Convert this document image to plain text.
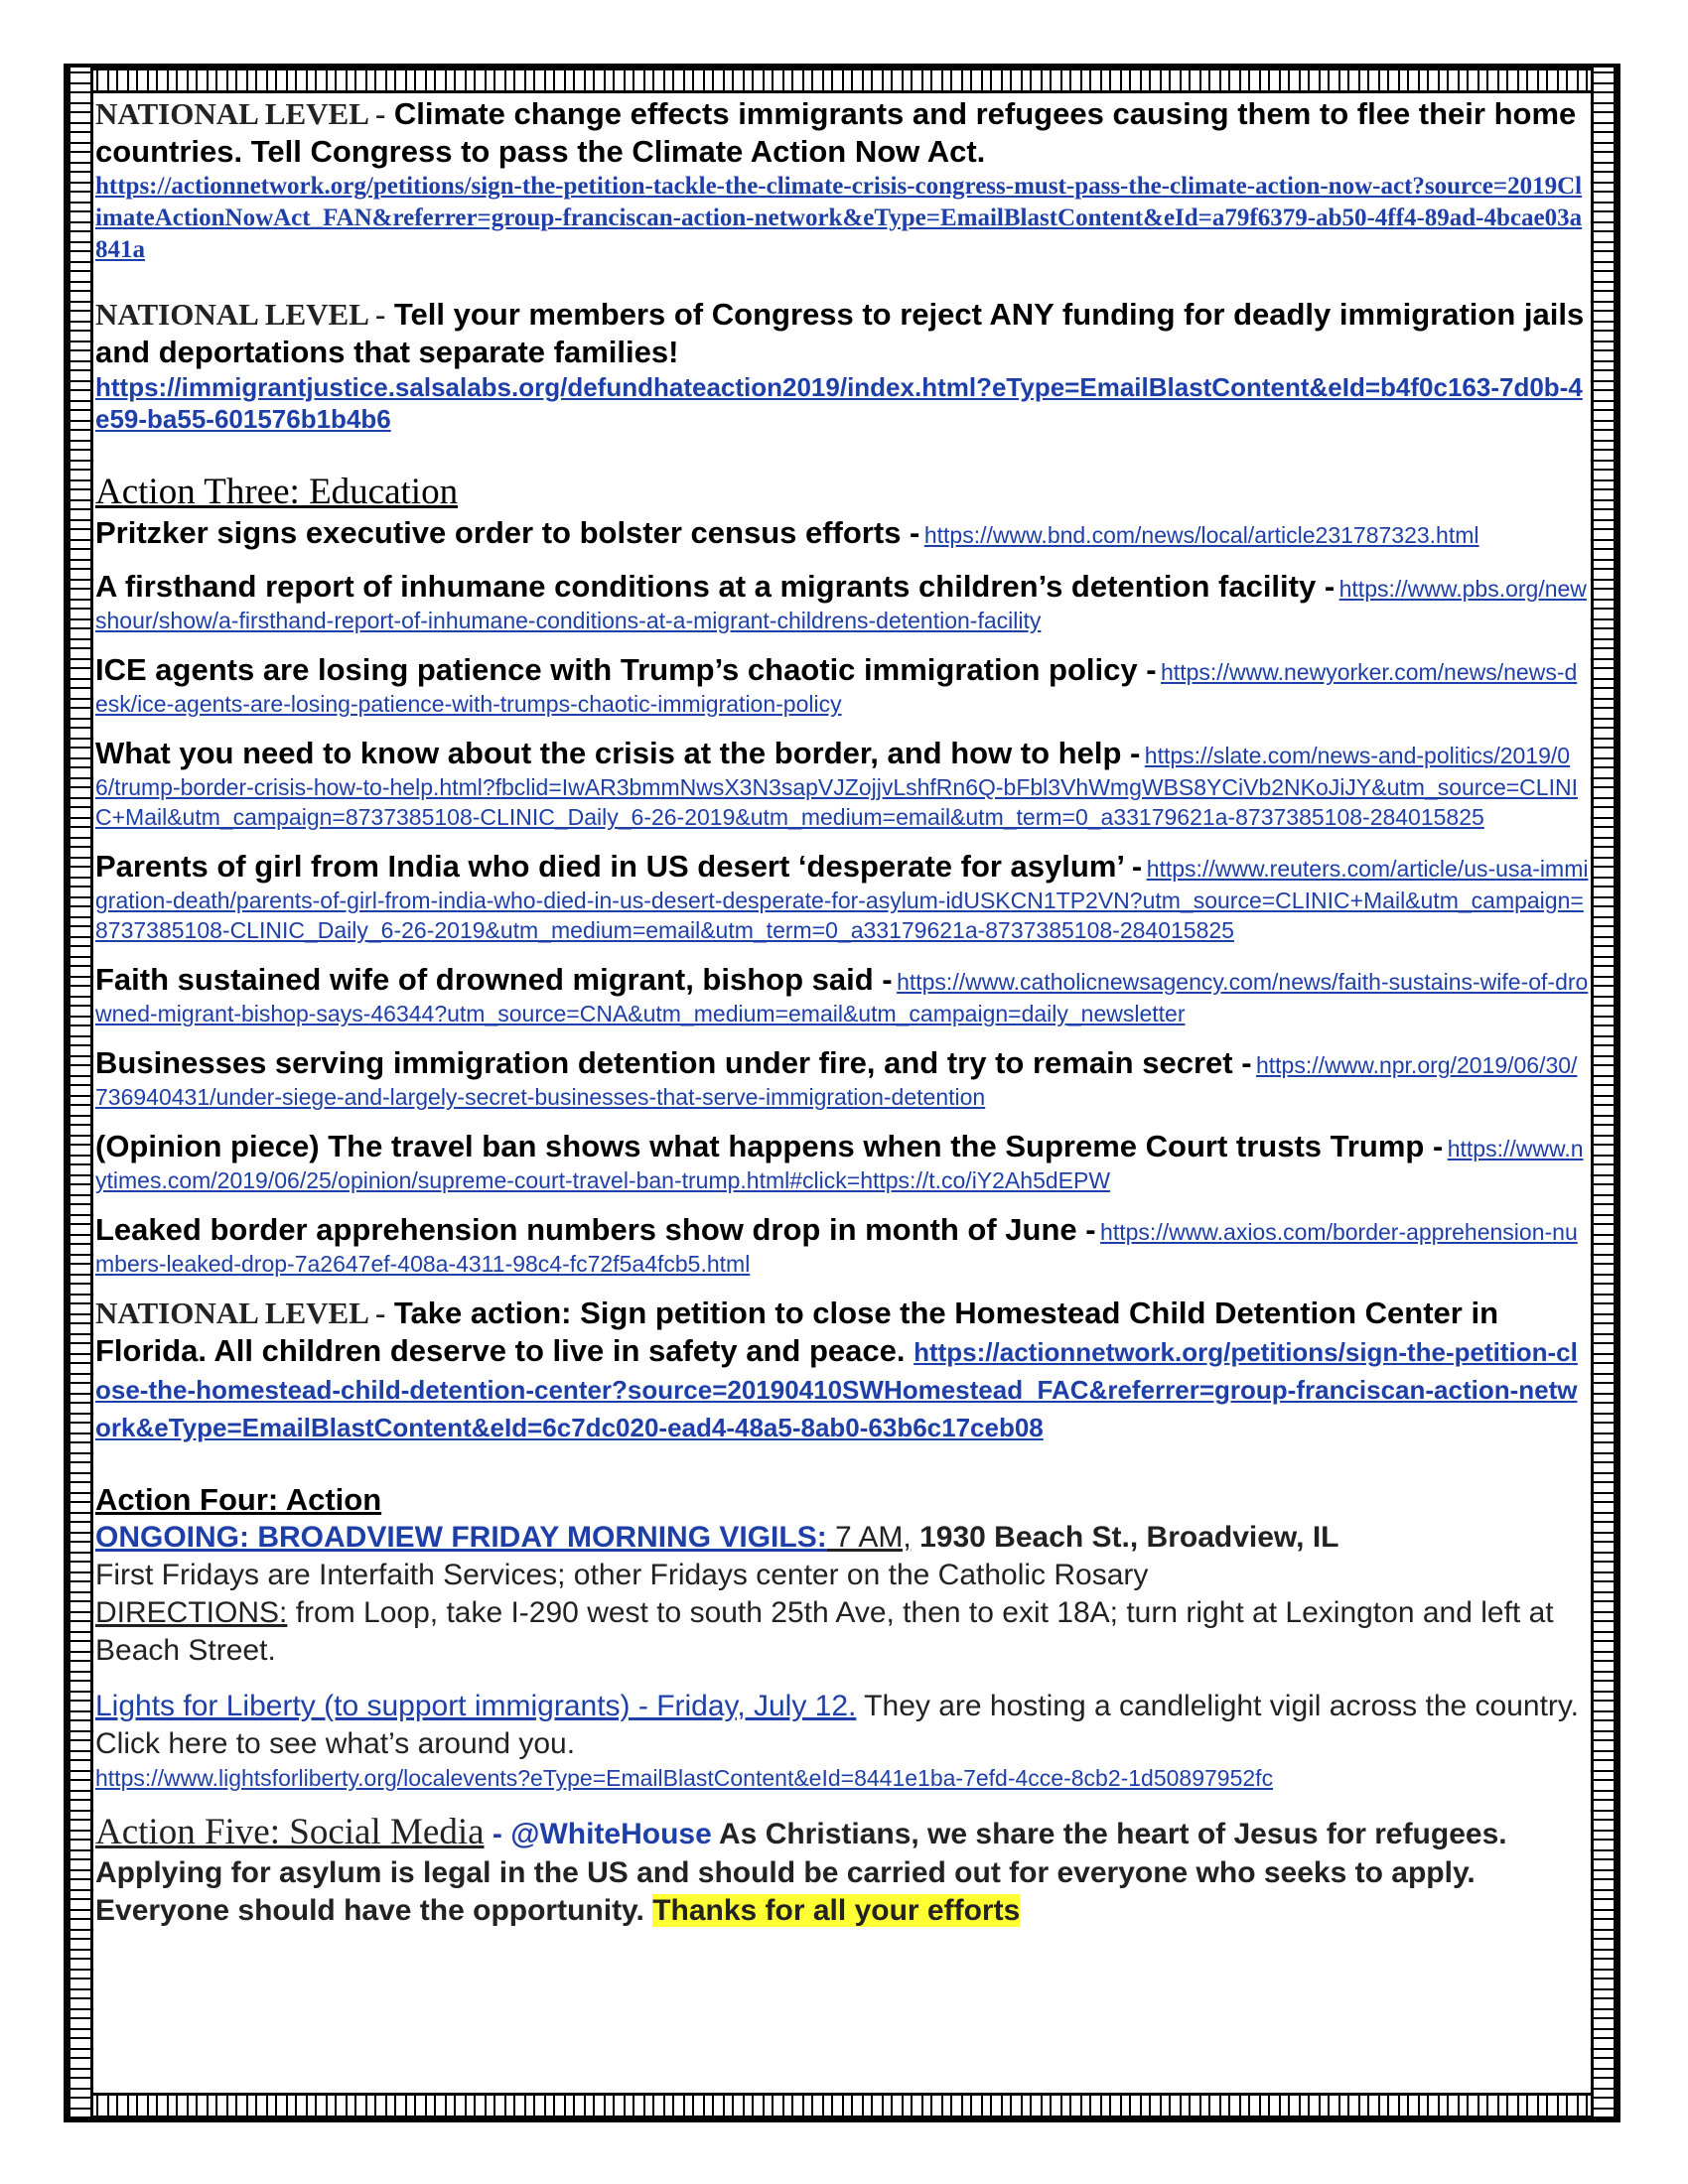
NATIONAL LEVEL - Climate change effects immigrants and refugees causing them to flee their home countries. Tell Congress to pass the Climate Action Now Act.
https://actionnetwork.org/petitions/sign-the-petition-tackle-the-climate-crisis-congress-must-pass-the-climate-action-now-act?source=2019ClimateActionNowAct_FAN&referrer=group-franciscan-action-network&eType=EmailBlastContent&eId=a79f6379-ab50-4ff4-89ad-4bcae03a841a
NATIONAL LEVEL - Tell your members of Congress to reject ANY funding for deadly immigration jails and deportations that separate families!
https://immigrantjustice.salsalabs.org/defundhateaction2019/index.html?eType=EmailBlastContent&eId=b4f0c163-7d0b-4e59-ba55-601576b1b4b6
Action Three: Education
Pritzker signs executive order to bolster census efforts - https://www.bnd.com/news/local/article231787323.html
A firsthand report of inhumane conditions at a migrants children’s detention facility - https://www.pbs.org/newshour/show/a-firsthand-report-of-inhumane-conditions-at-a-migrant-childrens-detention-facility
ICE agents are losing patience with Trump’s chaotic immigration policy - https://www.newyorker.com/news/news-desk/ice-agents-are-losing-patience-with-trumps-chaotic-immigration-policy
What you need to know about the crisis at the border, and how to help - https://slate.com/news-and-politics/2019/06/trump-border-crisis-how-to-help.html?fbclid=IwAR3bmmNwsX3N3sapVJZojjvLshfRn6Q-bFbl3VhWmgWBS8YCiVb2NKoJiJY&utm_source=CLINIC+Mail&utm_campaign=8737385108-CLINIC_Daily_6-26-2019&utm_medium=email&utm_term=0_a33179621a-8737385108-284015825
Parents of girl from India who died in US desert ‘desperate for asylum’ - https://www.reuters.com/article/us-usa-immigration-death/parents-of-girl-from-india-who-died-in-us-desert-desperate-for-asylum-idUSKCN1TP2VN?utm_source=CLINIC+Mail&utm_campaign=8737385108-CLINIC_Daily_6-26-2019&utm_medium=email&utm_term=0_a33179621a-8737385108-284015825
Faith sustained wife of drowned migrant, bishop said - https://www.catholicnewsagency.com/news/faith-sustains-wife-of-drowned-migrant-bishop-says-46344?utm_source=CNA&utm_medium=email&utm_campaign=daily_newsletter
Businesses serving immigration detention under fire, and try to remain secret - https://www.npr.org/2019/06/30/736940431/under-siege-and-largely-secret-businesses-that-serve-immigration-detention
(Opinion piece) The travel ban shows what happens when the Supreme Court trusts Trump - https://www.nytimes.com/2019/06/25/opinion/supreme-court-travel-ban-trump.html#click=https://t.co/iY2Ah5dEPW
Leaked border apprehension numbers show drop in month of June - https://www.axios.com/border-apprehension-numbers-leaked-drop-7a2647ef-408a-4311-98c4-fc72f5a4fcb5.html
NATIONAL LEVEL - Take action: Sign petition to close the Homestead Child Detention Center in Florida. All children deserve to live in safety and peace. https://actionnetwork.org/petitions/sign-the-petition-close-the-homestead-child-detention-center?source=20190410SWHomestead_FAC&referrer=group-franciscan-action-network&eType=EmailBlastContent&eId=6c7dc020-ead4-48a5-8ab0-63b6c17ceb08
Action Four: Action
ONGOING: BROADVIEW FRIDAY MORNING VIGILS: 7 AM, 1930 Beach St., Broadview, IL
First Fridays are Interfaith Services; other Fridays center on the Catholic Rosary
DIRECTIONS: from Loop, take I-290 west to south 25th Ave, then to exit 18A; turn right at Lexington and left at Beach Street.
Lights for Liberty (to support immigrants) - Friday, July 12. They are hosting a candlelight vigil across the country. Click here to see what’s around you.
https://www.lightsforliberty.org/localevents?eType=EmailBlastContent&eId=8441e1ba-7efd-4cce-8cb2-1d50897952fc
Action Five: Social Media - @WhiteHouse As Christians, we share the heart of Jesus for refugees. Applying for asylum is legal in the US and should be carried out for everyone who seeks to apply. Everyone should have the opportunity. Thanks for all your efforts
